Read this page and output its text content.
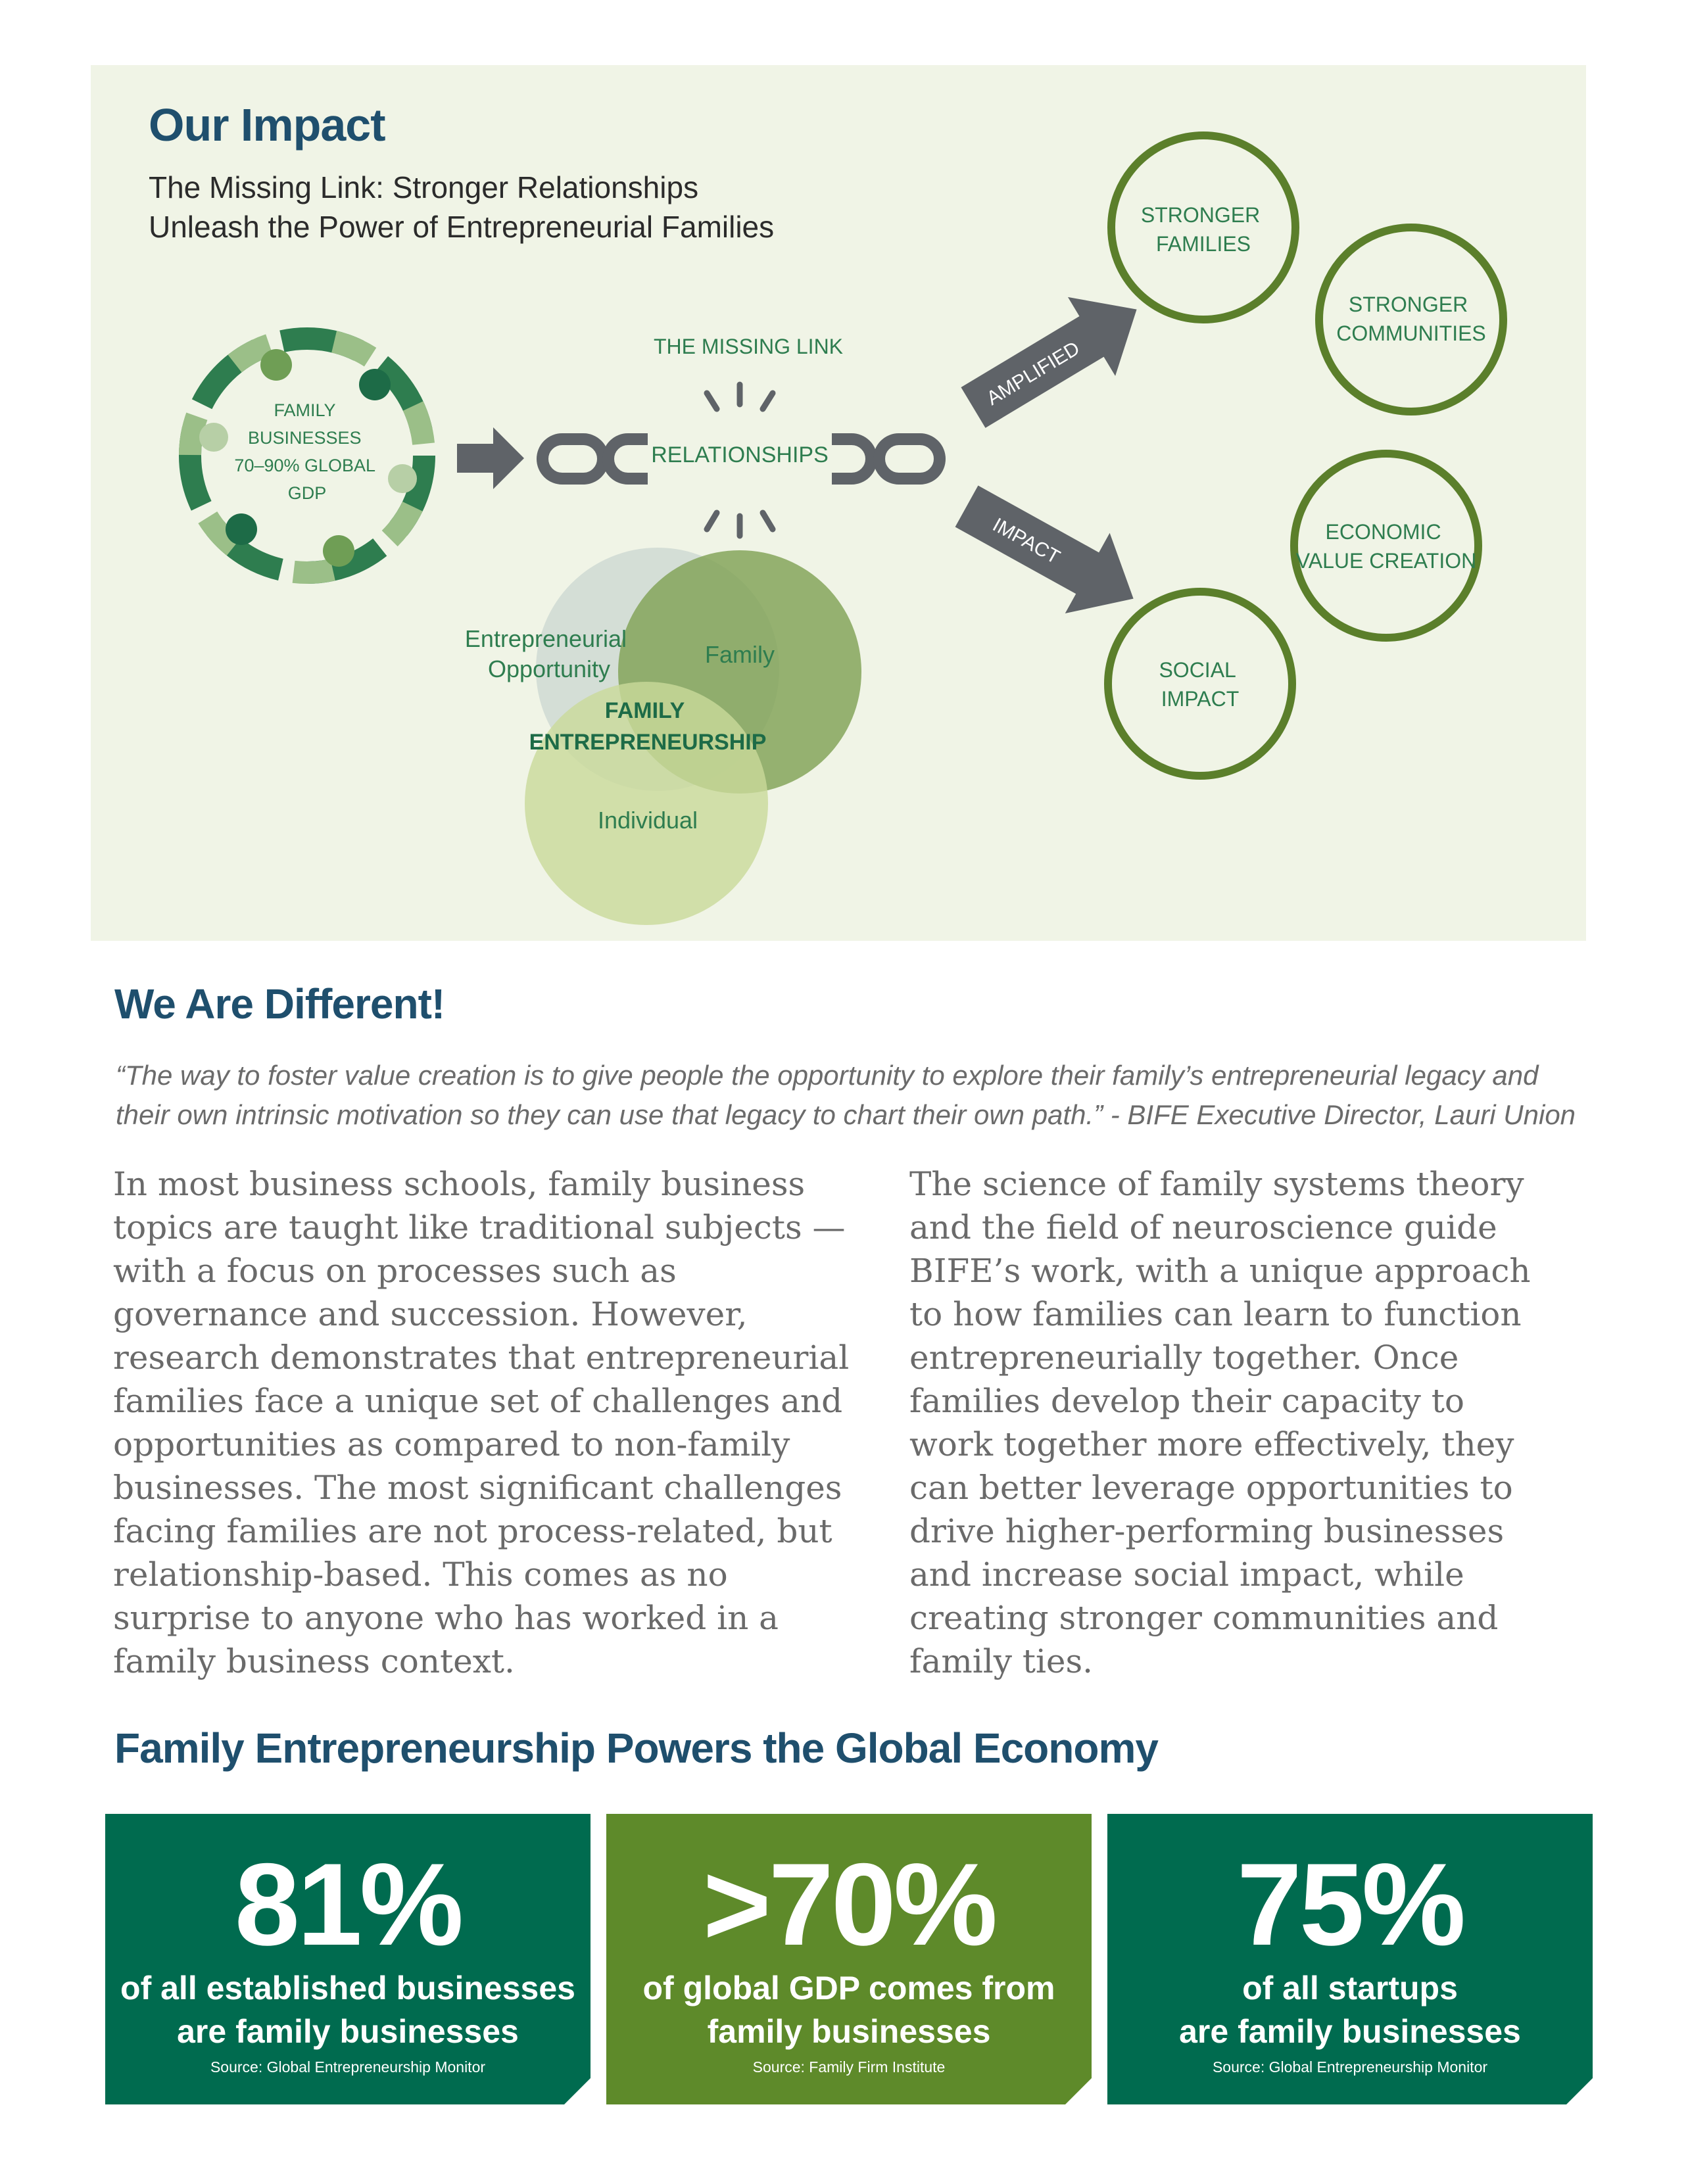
Our Impact
The Missing Link: Stronger Relationships
Unleash the Power of Entrepreneurial Families
FAMILY BUSINESSES 70–90% GLOBAL GDP
THE MISSING LINK
RELATIONSHIPS
AMPLIFIED
IMPACT
STRONGER FAMILIES
STRONGER COMMUNITIES
ECONOMIC VALUE CREATION
SOCIAL IMPACT
Entrepreneurial Opportunity
Family
Individual
FAMILY ENTREPRENEURSHIP
We Are Different!
“The way to foster value creation is to give people the opportunity to explore their family’s entrepreneurial legacy and
their own intrinsic motivation so they can use that legacy to chart their own path.” - BIFE Executive Director, Lauri Union
In most business schools, family business
topics are taught like traditional subjects —
with a focus on processes such as
governance and succession. However,
research demonstrates that entrepreneurial
families face a unique set of challenges and
opportunities as compared to non-family
businesses. The most significant challenges
facing families are not process-related, but
relationship-based. This comes as no
surprise to anyone who has worked in a
family business context.
The science of family systems theory
and the field of neuroscience guide
BIFE’s work, with a unique approach
to how families can learn to function
entrepreneurially together. Once
families develop their capacity to
work together more effectively, they
can better leverage opportunities to
drive higher-performing businesses
and increase social impact, while
creating stronger communities and
family ties.
Family Entrepreneurship Powers the Global Economy
81%
of all established businesses
are family businesses
Source: Global Entrepreneurship Monitor
>70%
of global GDP comes from
family businesses
Source: Family Firm Institute
75%
of all startups
are family businesses
Source: Global Entrepreneurship Monitor
